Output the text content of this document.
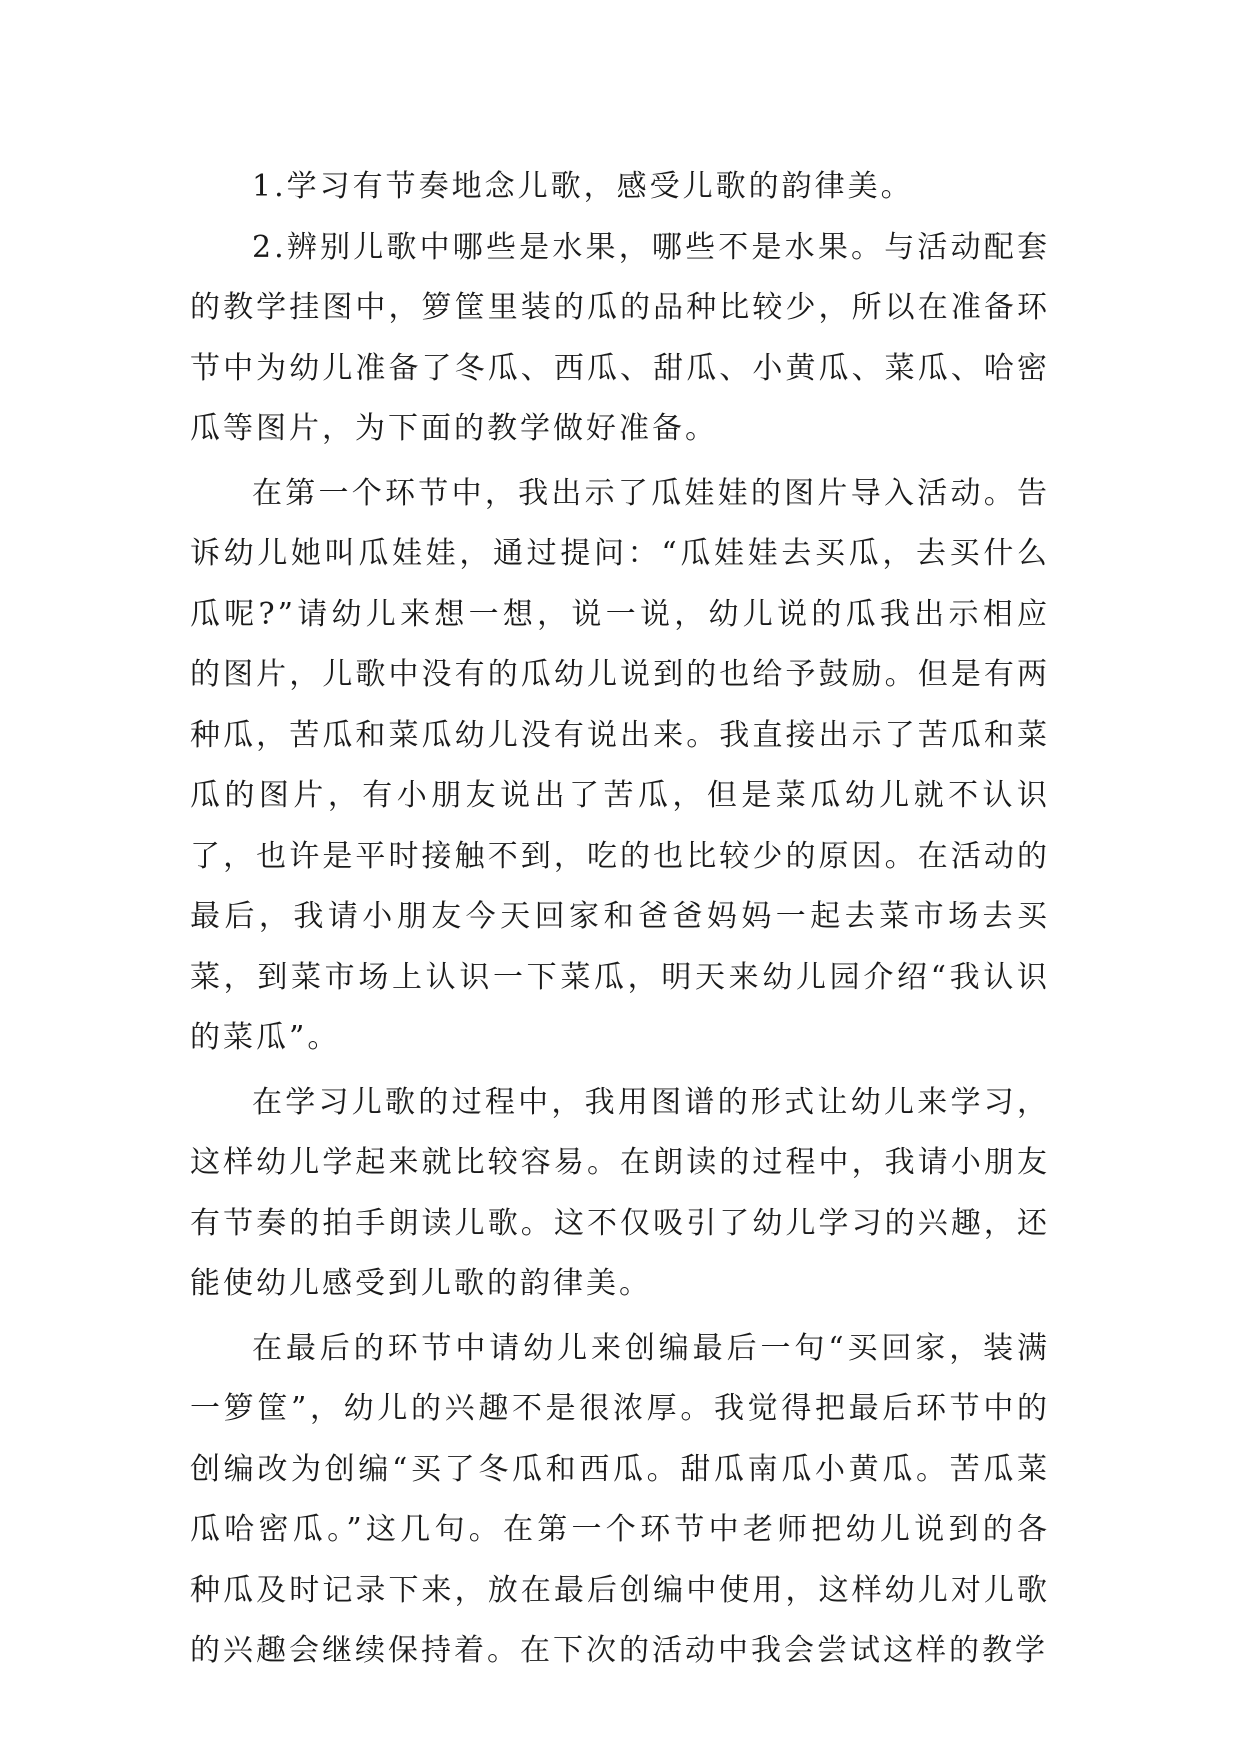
1.学习有节奏地念儿歌，感受儿歌的韵律美。

2.辨别儿歌中哪些是水果，哪些不是水果。与活动配套的教学挂图中，箩筐里装的瓜的品种比较少，所以在准备环节中为幼儿准备了冬瓜、西瓜、甜瓜、小黄瓜、菜瓜、哈密瓜等图片，为下面的教学做好准备。

在第一个环节中，我出示了瓜娃娃的图片导入活动。告诉幼儿她叫瓜娃娃，通过提问：“瓜娃娃去买瓜，去买什么瓜呢?”请幼儿来想一想，说一说，幼儿说的瓜我出示相应的图片，儿歌中没有的瓜幼儿说到的也给予鼓励。但是有两种瓜，苦瓜和菜瓜幼儿没有说出来。我直接出示了苦瓜和菜瓜的图片，有小朋友说出了苦瓜，但是菜瓜幼儿就不认识了，也许是平时接触不到，吃的也比较少的原因。在活动的最后，我请小朋友今天回家和爸爸妈妈一起去菜市场去买菜，到菜市场上认识一下菜瓜，明天来幼儿园介绍“我认识的菜瓜”。

在学习儿歌的过程中，我用图谱的形式让幼儿来学习，这样幼儿学起来就比较容易。在朗读的过程中，我请小朋友有节奏的拍手朗读儿歌。这不仅吸引了幼儿学习的兴趣，还能使幼儿感受到儿歌的韵律美。

在最后的环节中请幼儿来创编最后一句“买回家，装满一箩筐”，幼儿的兴趣不是很浓厚。我觉得把最后环节中的创编改为创编“买了冬瓜和西瓜。甜瓜南瓜小黄瓜。苦瓜菜瓜哈密瓜。”这几句。在第一个环节中老师把幼儿说到的各种瓜及时记录下来，放在最后创编中使用，这样幼儿对儿歌的兴趣会继续保持着。在下次的活动中我会尝试这样的教学
